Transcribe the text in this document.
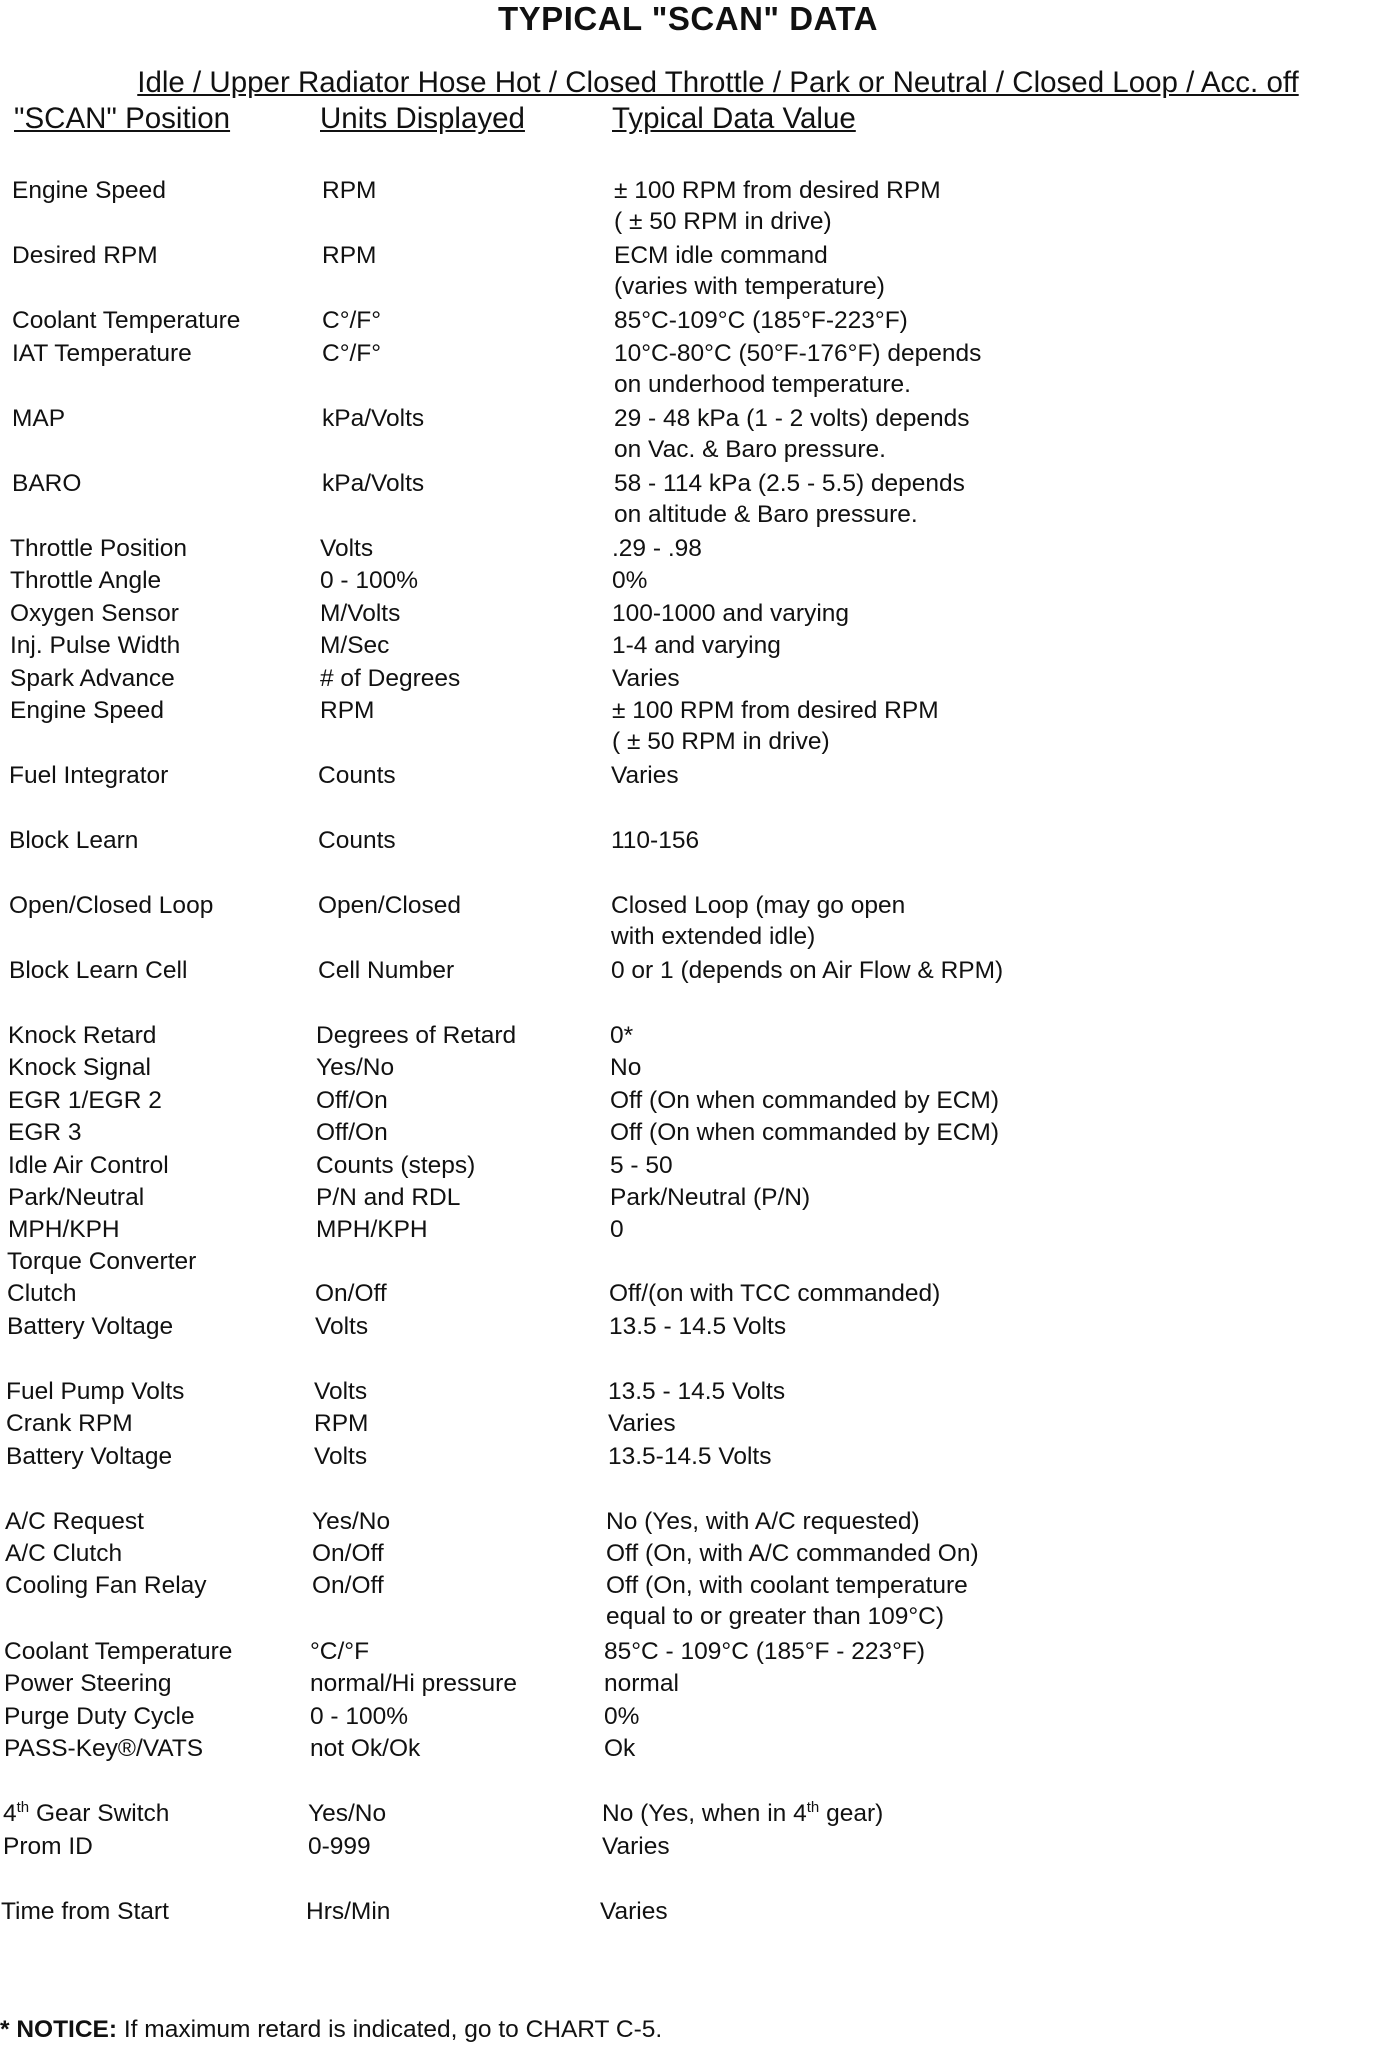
TYPICAL "SCAN" DATA
Idle / Upper Radiator Hose Hot / Closed Throttle / Park or Neutral / Closed Loop / Acc. off
"SCAN" Position	Units Displayed	Typical Data Value
Engine Speed	RPM	± 100 RPM from desired RPM
( ± 50 RPM in drive)
Desired RPM	RPM	ECM idle command
(varies with temperature)
Coolant Temperature	C°/F°	85°C-109°C (185°F-223°F)
IAT Temperature	C°/F°	10°C-80°C (50°F-176°F) depends
on underhood temperature.
MAP	kPa/Volts	29 - 48 kPa (1 - 2 volts) depends
on Vac. & Baro pressure.
BARO	kPa/Volts	58 - 114 kPa (2.5 - 5.5) depends
on altitude & Baro pressure.
Throttle Position	Volts	.29 - .98
Throttle Angle	0 - 100%	0%
Oxygen Sensor	M/Volts	100-1000 and varying
Inj. Pulse Width	M/Sec	1-4 and varying
Spark Advance	# of Degrees	Varies
Engine Speed	RPM	± 100 RPM from desired RPM
( ± 50 RPM in drive)
Fuel Integrator	Counts	Varies
Block Learn	Counts	110-156
Open/Closed Loop	Open/Closed	Closed Loop (may go open
with extended idle)
Block Learn Cell	Cell Number	0 or 1 (depends on Air Flow & RPM)
Knock Retard	Degrees of Retard	0*
Knock Signal	Yes/No	No
EGR 1/EGR 2	Off/On	Off (On when commanded by ECM)
EGR 3	Off/On	Off (On when commanded by ECM)
Idle Air Control	Counts (steps)	5 - 50
Park/Neutral	P/N and RDL	Park/Neutral (P/N)
MPH/KPH	MPH/KPH	0
Torque Converter
Clutch	On/Off	Off/(on with TCC commanded)
Battery Voltage	Volts	13.5 - 14.5 Volts
Fuel Pump Volts	Volts	13.5 - 14.5 Volts
Crank RPM	RPM	Varies
Battery Voltage	Volts	13.5-14.5 Volts
A/C Request	Yes/No	No (Yes, with A/C requested)
A/C Clutch	On/Off	Off (On, with A/C commanded On)
Cooling Fan Relay	On/Off	Off (On, with coolant temperature
equal to or greater than 109°C)
Coolant Temperature	°C/°F	85°C - 109°C (185°F - 223°F)
Power Steering	normal/Hi pressure	normal
Purge Duty Cycle	0 - 100%	0%
PASS-Key®/VATS	not Ok/Ok	Ok
4th Gear Switch	Yes/No	No (Yes, when in 4th gear)
Prom ID	0-999	Varies
Time from Start	Hrs/Min	Varies
* NOTICE: If maximum retard is indicated, go to CHART C-5.
